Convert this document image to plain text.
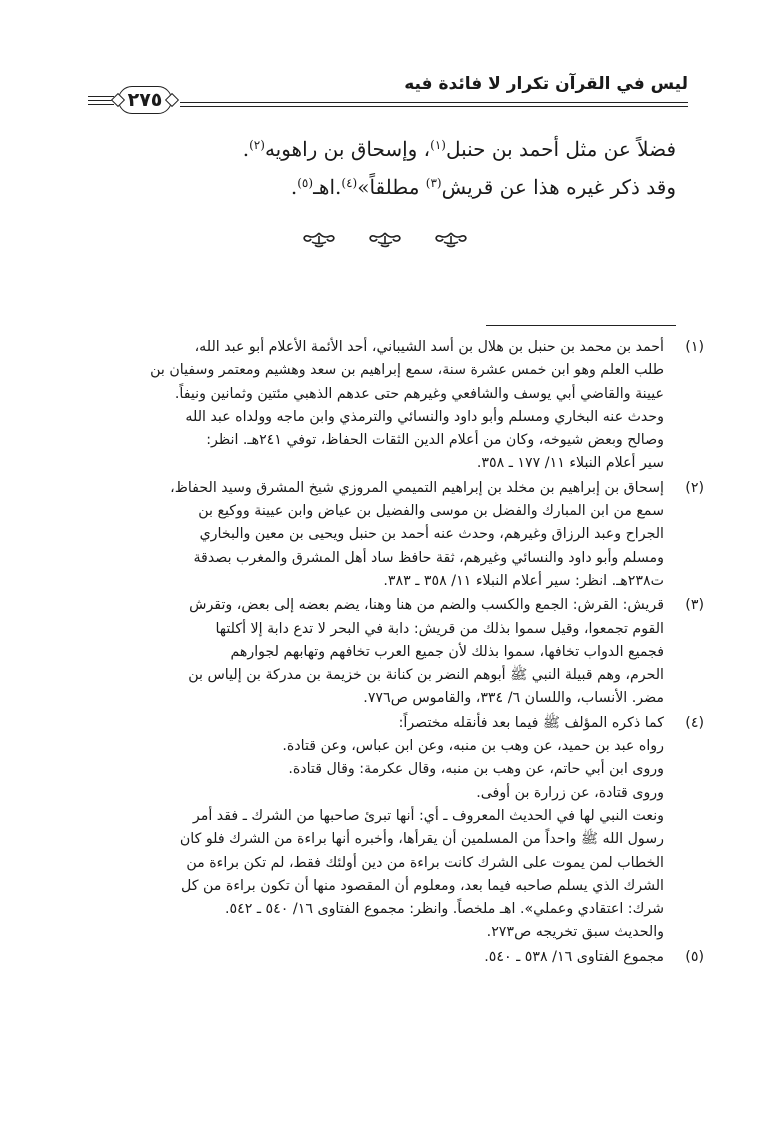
٢٧٥
ليس في القرآن تكرار لا فائدة فيه

فضلاً عن مثل أحمد بن حنبل$^{(١)}$، وإسحاق بن راهويه$^{(٢)}$.

وقد ذكر غيره هذا عن قريش$^{(٣)}$ مطلقاً»$^{(٤)}$.اهـ$^{(٥)}$.

(١)
أحمد بن محمد بن حنبل بن هلال بن أسد الشيباني، أحد الأئمة الأعلام أبو عبد الله،
طلب العلم وهو ابن خمس عشرة سنة، سمع إبراهيم بن سعد وهشيم ومعتمر وسفيان بن
عيينة والقاضي أبي يوسف والشافعي وغيرهم حتى عدهم الذهبي مئتين وثمانين ونيفاً.
وحدث عنه البخاري ومسلم وأبو داود والنسائي والترمذي وابن ماجه وولداه عبد الله
وصالح وبعض شيوخه، وكان من أعلام الدين الثقات الحفاظ، توفي ٢٤١هـ. انظر:
سير أعلام النبلاء ١١/ ١٧٧ ـ ٣٥٨.
(٢)
إسحاق بن إبراهيم بن مخلد بن إبراهيم التميمي المروزي شيخ المشرق وسيد الحفاظ،
سمع من ابن المبارك والفضل بن موسى والفضيل بن عياض وابن عيينة ووكيع بن
الجراح وعبد الرزاق وغيرهم، وحدث عنه أحمد بن حنبل ويحيى بن معين والبخاري
ومسلم وأبو داود والنسائي وغيرهم، ثقة حافظ ساد أهل المشرق والمغرب بصدقة
ت٢٣٨هـ. انظر: سير أعلام النبلاء ١١/ ٣٥٨ ـ ٣٨٣.
(٣)
قريش: القرش: الجمع والكسب والضم من هنا وهنا، يضم بعضه إلى بعض، وتقرش
القوم تجمعوا، وقيل سموا بذلك من قريش: دابة في البحر لا تدع دابة إلا أكلتها
فجميع الدواب تخافها، سموا بذلك لأن جميع العرب تخافهم وتهابهم لجوارهم
الحرم، وهم قبيلة النبي ﷺ أبوهم النضر بن كنانة بن خزيمة بن مدركة بن إلياس بن
مضر. الأنساب، واللسان ٦/ ٣٣٤، والقاموس ص٧٧٦.
(٤)
كما ذكره المؤلف ﷺ فيما بعد فأنقله مختصراً:
رواه عبد بن حميد، عن وهب بن منبه، وعن ابن عباس، وعن قتادة.
وروى ابن أبي حاتم، عن وهب بن منبه، وقال عكرمة: وقال قتادة.
وروى قتادة، عن زرارة بن أوفى.
ونعت النبي لها في الحديث المعروف ـ أي: أنها تبرئ صاحبها من الشرك ـ فقد أمر
رسول الله ﷺ واحداً من المسلمين أن يقرأها، وأخبره أنها براءة من الشرك فلو كان
الخطاب لمن يموت على الشرك كانت براءة من دين أولئك فقط، لم تكن براءة من
الشرك الذي يسلم صاحبه فيما بعد، ومعلوم أن المقصود منها أن تكون براءة من كل
شرك: اعتقادي وعملي». اهـ ملخصاً. وانظر: مجموع الفتاوى ١٦/ ٥٤٠ ـ ٥٤٢.
والحديث سبق تخريجه ص٢٧٣.
(٥)
مجموع الفتاوى ١٦/ ٥٣٨ ـ ٥٤٠.
